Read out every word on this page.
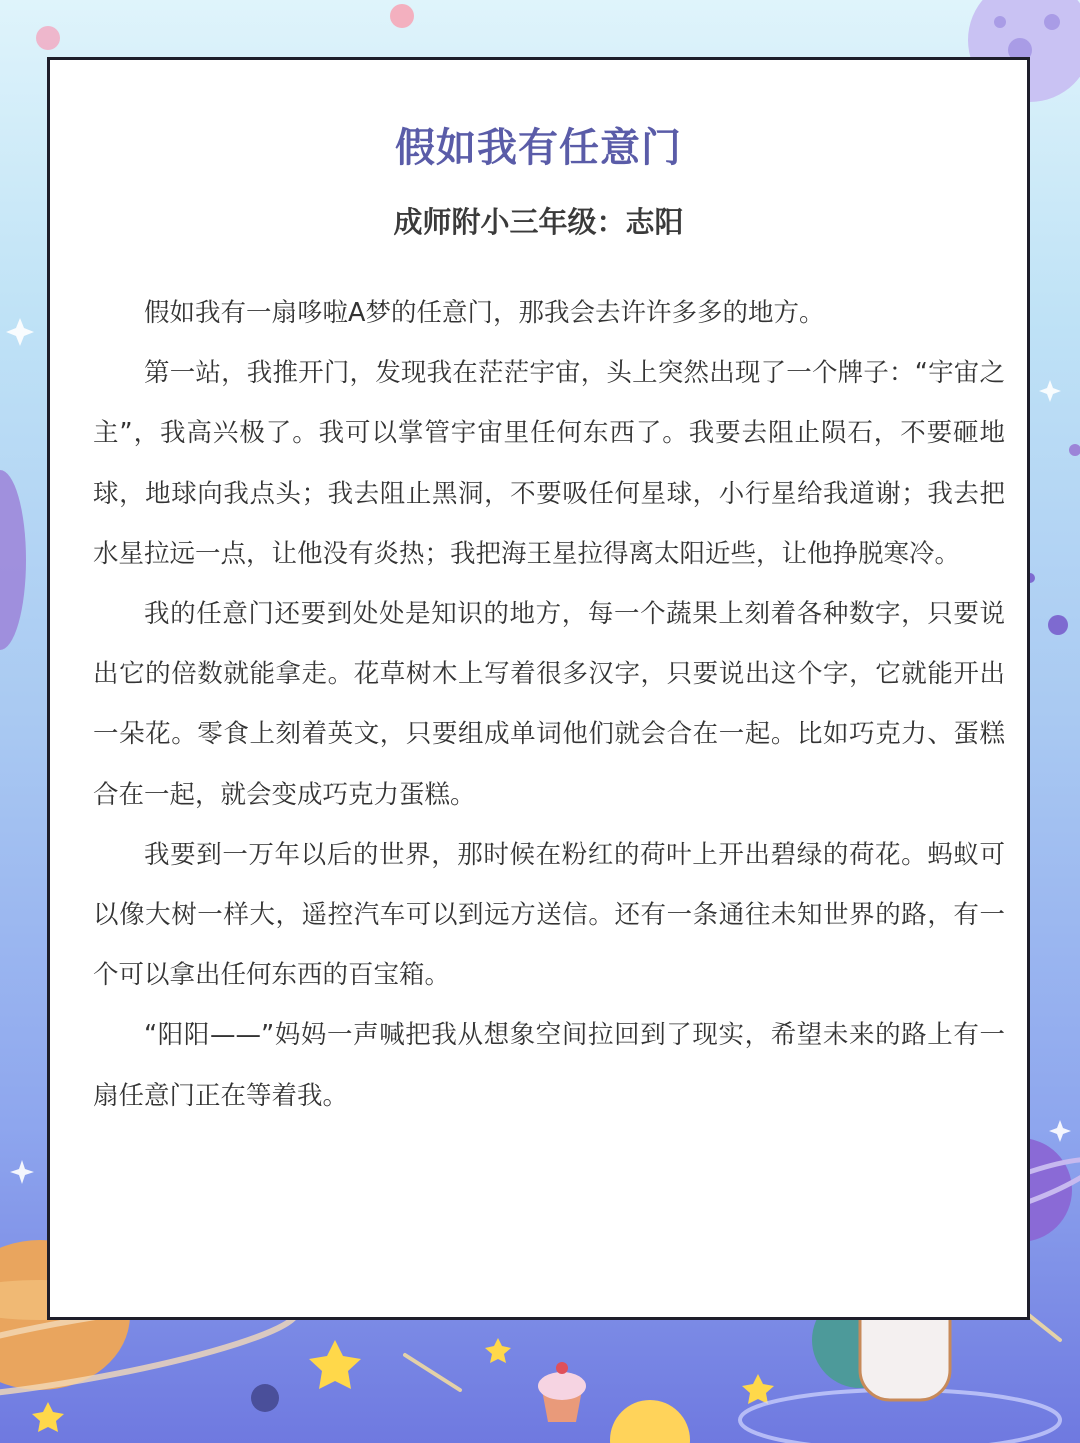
假如我有任意门
成师附小三年级：志阳

假如我有一扇哆啦A梦的任意门，那我会去许许多多的地方。

第一站，我推开门，发现我在茫茫宇宙，头上突然出现了一个牌子：“宇宙之主”，我高兴极了。我可以掌管宇宙里任何东西了。我要去阻止陨石，不要砸地球，地球向我点头；我去阻止黑洞，不要吸任何星球，小行星给我道谢；我去把水星拉远一点，让他没有炎热；我把海王星拉得离太阳近些，让他挣脱寒冷。

我的任意门还要到处处是知识的地方，每一个蔬果上刻着各种数字，只要说出它的倍数就能拿走。花草树木上写着很多汉字，只要说出这个字，它就能开出一朵花。零食上刻着英文，只要组成单词他们就会合在一起。比如巧克力、蛋糕合在一起，就会变成巧克力蛋糕。

我要到一万年以后的世界，那时候在粉红的荷叶上开出碧绿的荷花。蚂蚁可以像大树一样大，遥控汽车可以到远方送信。还有一条通往未知世界的路，有一个可以拿出任何东西的百宝箱。

“阳阳——”妈妈一声喊把我从想象空间拉回到了现实，希望未来的路上有一扇任意门正在等着我。
